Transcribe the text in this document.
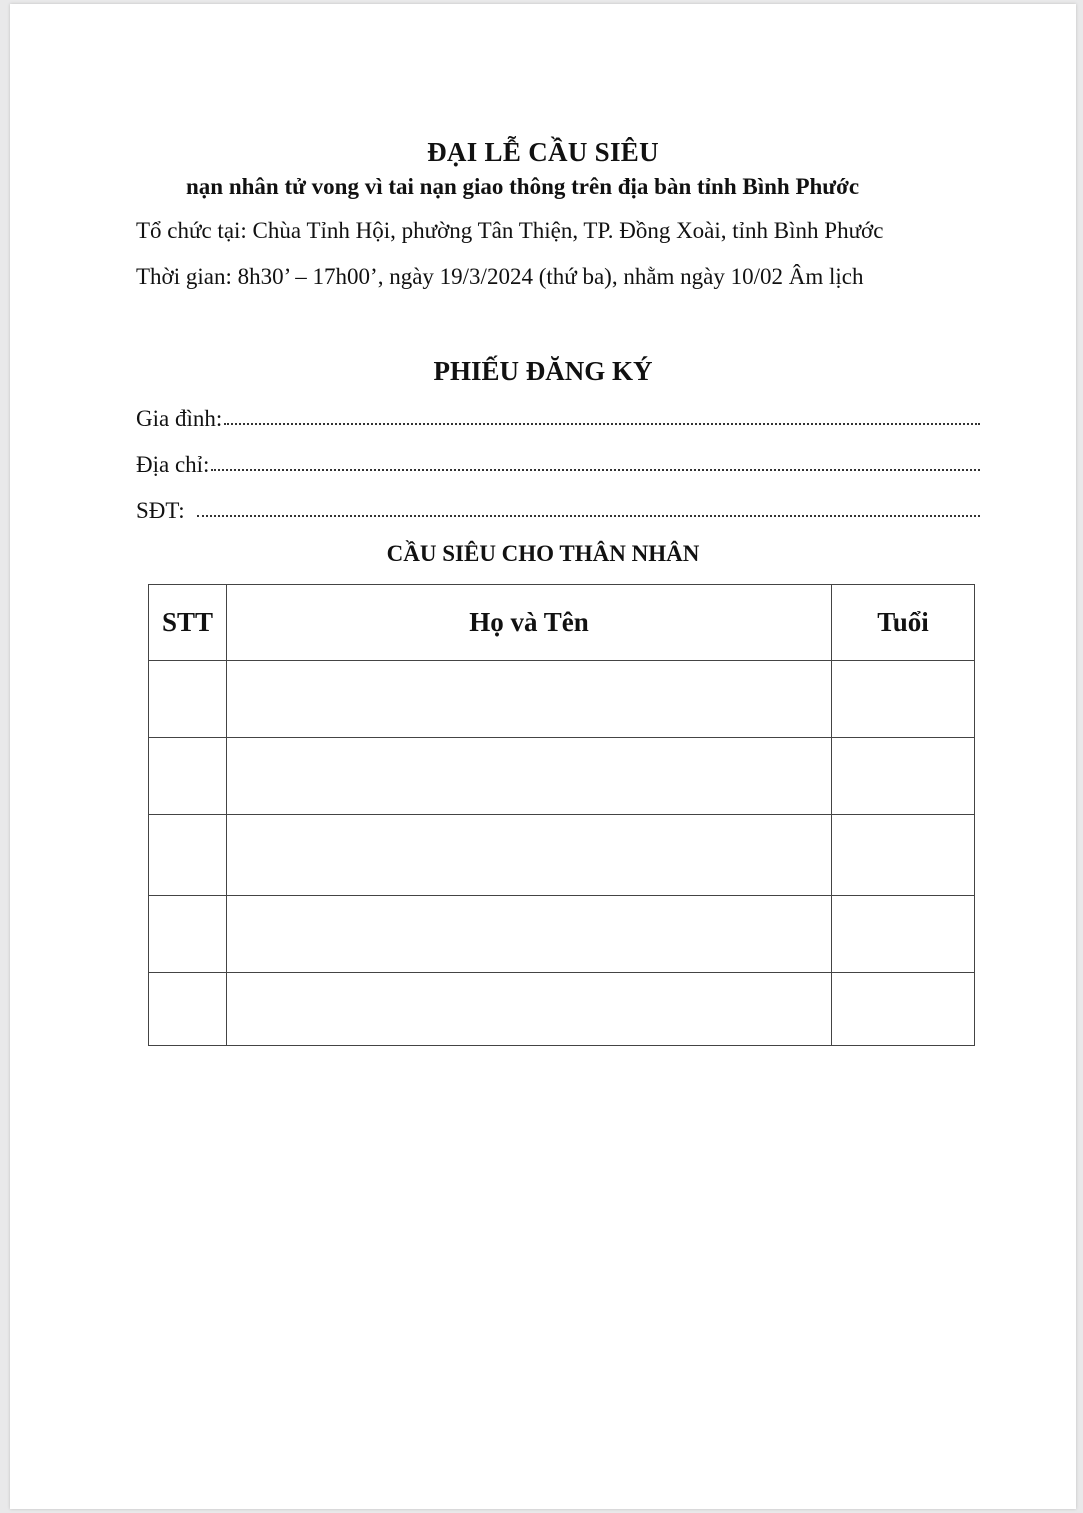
ĐẠI LỄ CẦU SIÊU
nạn nhân tử vong vì tai nạn giao thông trên địa bàn tỉnh Bình Phước
Tổ chức tại: Chùa Tỉnh Hội, phường Tân Thiện, TP. Đồng Xoài, tỉnh Bình Phước
Thời gian: 8h30’ – 17h00’, ngày 19/3/2024 (thứ ba), nhằm ngày 10/02 Âm lịch
PHIẾU ĐĂNG KÝ
Gia đình:
Địa chỉ:
SĐT:
CẦU SIÊU CHO THÂN NHÂN
STT	Họ và Tên	Tuổi
